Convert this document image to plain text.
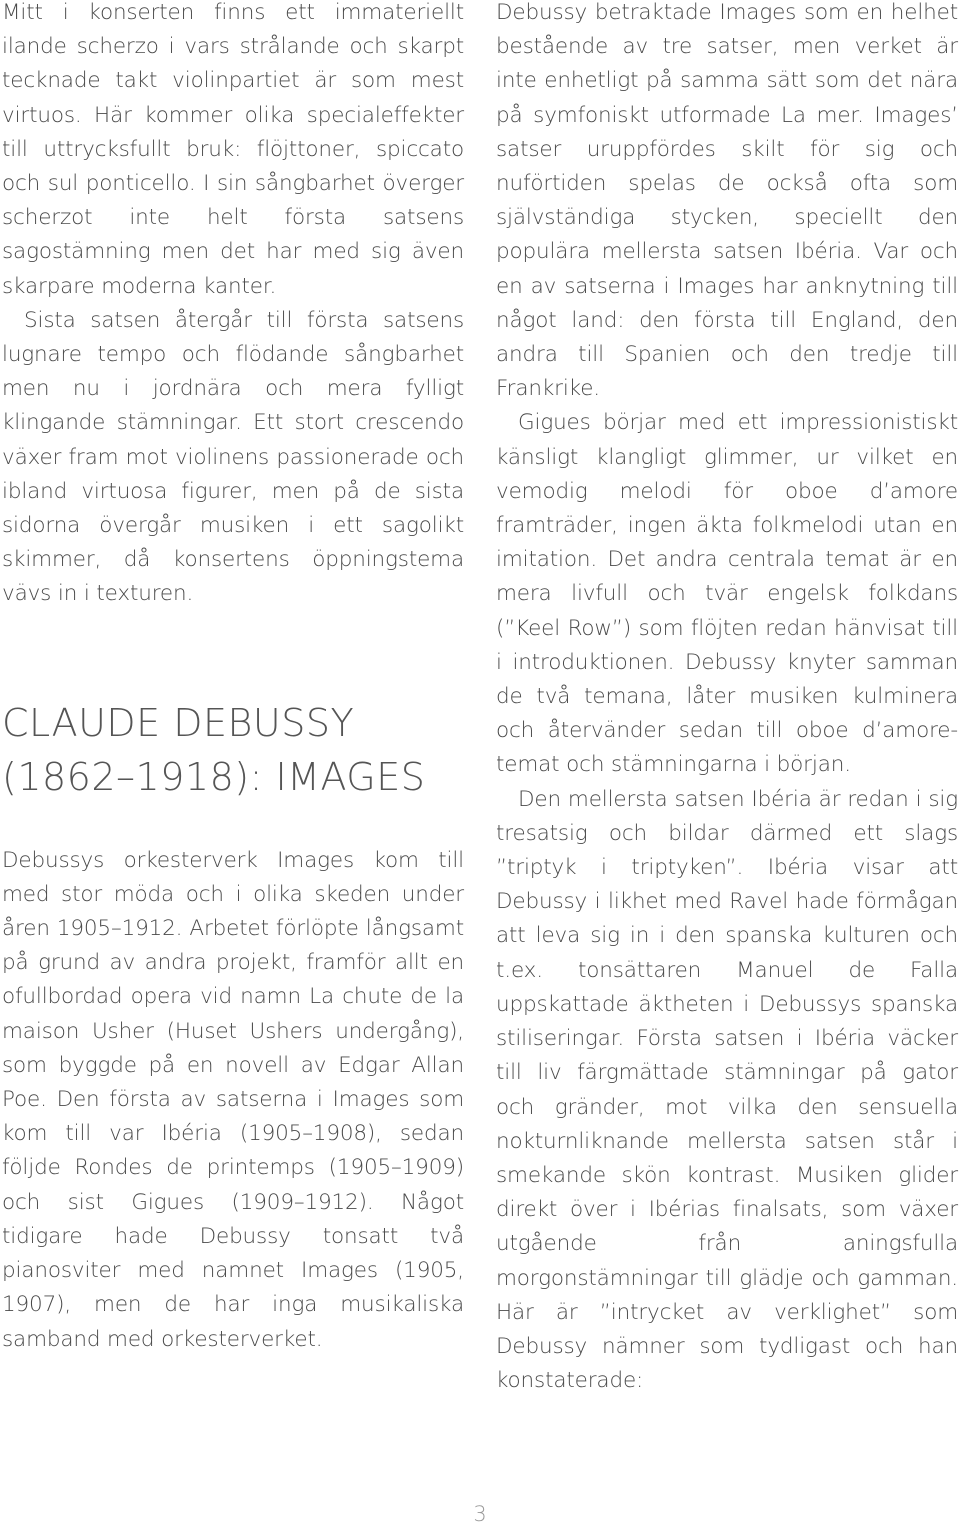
Mitt i konserten finns ett immateriellt ilande scherzo i vars strålande och skarpt tecknade takt violinpartiet är som mest virtuos. Här kommer olika specialeffekter till uttrycksfullt bruk: flöjttoner, spiccato och sul ponticello. I sin sångbarhet överger scherzot inte helt första satsens sagostämning men det har med sig även skarpare moderna kanter.

Sista satsen återgår till första satsens lugnare tempo och flödande sångbarhet men nu i jordnära och mera fylligt klingande stämningar. Ett stort crescendo växer fram mot violinens passionerade och ibland virtuosa figurer, men på de sista sidorna övergår musiken i ett sagolikt skimmer, då konsertens öppningstema vävs in i texturen.

CLAUDE DEBUSSY
(1862–1918): IMAGES

Debussys orkesterverk Images kom till med stor möda och i olika skeden under åren 1905–1912. Arbetet förlöpte långsamt på grund av andra projekt, framför allt en ofullbordad opera vid namn La chute de la maison Usher (Huset Ushers undergång), som byggde på en novell av Edgar Allan Poe. Den första av satserna i Images som kom till var Ibéria (1905–1908), sedan följde Rondes de printemps (1905–1909) och sist Gigues (1909–1912). Något tidigare hade Debussy tonsatt två pianosviter med namnet Images (1905, 1907), men de har inga musikaliska samband med orkesterverket.

Debussy betraktade Images som en helhet bestående av tre satser, men verket är inte enhetligt på samma sätt som det nära på symfoniskt utformade La mer. Images’ satser uruppfördes skilt för sig och nuförtiden spelas de också ofta som självständiga stycken, speciellt den populära mellersta satsen Ibéria. Var och en av satserna i Images har anknytning till något land: den första till England, den andra till Spanien och den tredje till Frankrike.

Gigues börjar med ett impressionistiskt känsligt klangligt glimmer, ur vilket en vemodig melodi för oboe d’amore framträder, ingen äkta folkmelodi utan en imitation. Det andra centrala temat är en mera livfull och tvär engelsk folkdans (”Keel Row”) som flöjten redan hänvisat till i introduktionen. Debussy knyter samman de två temana, låter musiken kulminera och återvänder sedan till oboe d’amore-temat och stämningarna i början.

Den mellersta satsen Ibéria är redan i sig tresatsig och bildar därmed ett slags ”triptyk i triptyken”. Ibéria visar att Debussy i likhet med Ravel hade förmågan att leva sig in i den spanska kulturen och t.ex. tonsättaren Manuel de Falla uppskattade äktheten i Debussys spanska stiliseringar. Första satsen i Ibéria väcker till liv färgmättade stämningar på gator och gränder, mot vilka den sensuella nokturnliknande mellersta satsen står i smekande skön kontrast. Musiken glider direkt över i Ibérias finalsats, som växer utgående från aningsfulla morgonstämningar till glädje och gamman. Här är ”intrycket av verklighet” som Debussy nämner som tydligast och han konstaterade:

3
